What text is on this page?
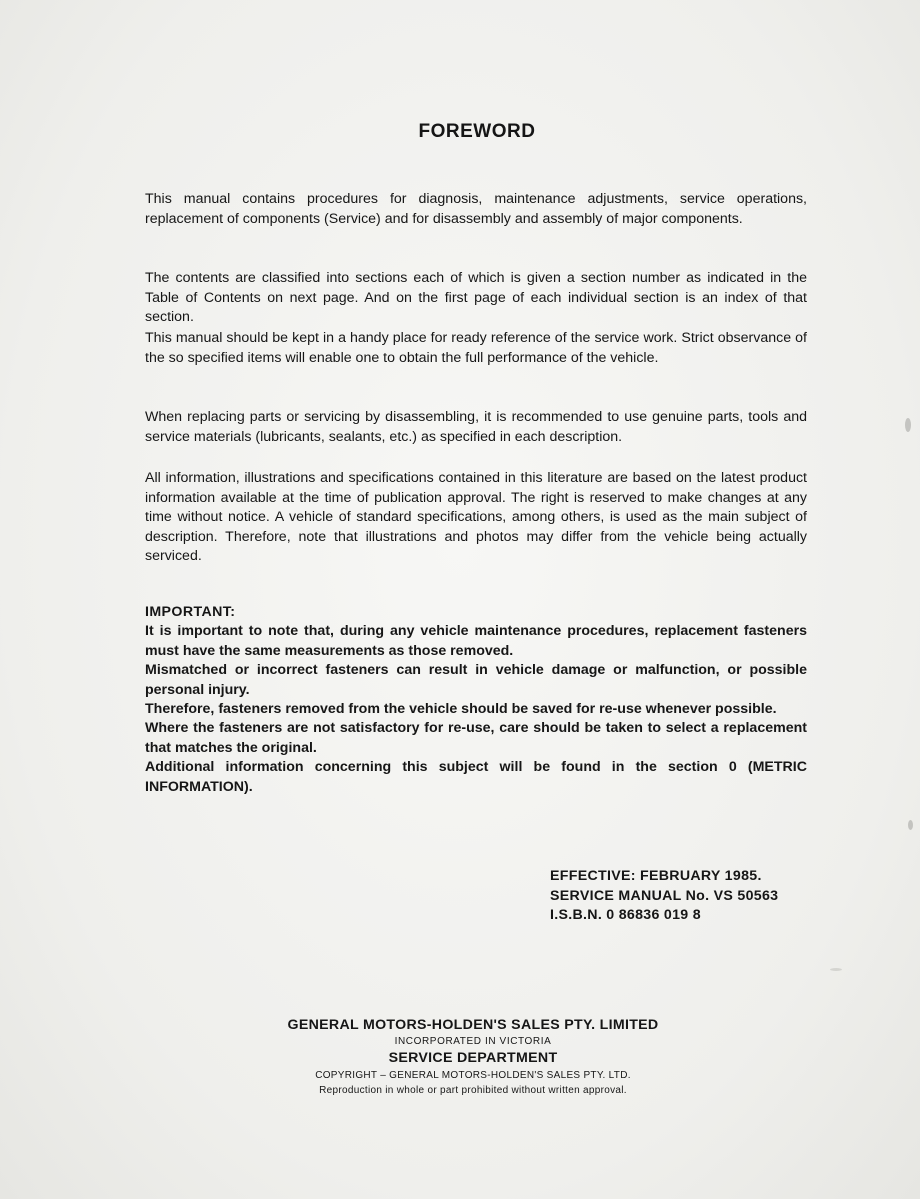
FOREWORD

This manual contains procedures for diagnosis, maintenance adjustments, service operations, replacement of components (Service) and for disassembly and assembly of major components.

The contents are classified into sections each of which is given a section number as indicated in the Table of Contents on next page. And on the first page of each individual section is an index of that section.

This manual should be kept in a handy place for ready reference of the service work. Strict observance of the so specified items will enable one to obtain the full performance of the vehicle.

When replacing parts or servicing by disassembling, it is recommended to use genuine parts, tools and service materials (lubricants, sealants, etc.) as specified in each description.

All information, illustrations and specifications contained in this literature are based on the latest product information available at the time of publication approval. The right is reserved to make changes at any time without notice. A vehicle of standard specifications, among others, is used as the main subject of description. Therefore, note that illustrations and photos may differ from the vehicle being actually serviced.

IMPORTANT:

It is important to note that, during any vehicle maintenance procedures, replacement fasteners must have the same measurements as those removed.

Mismatched or incorrect fasteners can result in vehicle damage or malfunction, or possible personal injury.

Therefore, fasteners removed from the vehicle should be saved for re-use whenever possible.

Where the fasteners are not satisfactory for re-use, care should be taken to select a replacement that matches the original.

Additional information concerning this subject will be found in the section 0 (METRIC INFORMATION).

EFFECTIVE: FEBRUARY 1985.
SERVICE MANUAL No. VS 50563
I.S.B.N. 0 86836 019 8
GENERAL MOTORS-HOLDEN'S SALES PTY. LIMITED
INCORPORATED IN VICTORIA
SERVICE DEPARTMENT
COPYRIGHT – GENERAL MOTORS-HOLDEN'S SALES PTY. LTD.
Reproduction in whole or part prohibited without written approval.
